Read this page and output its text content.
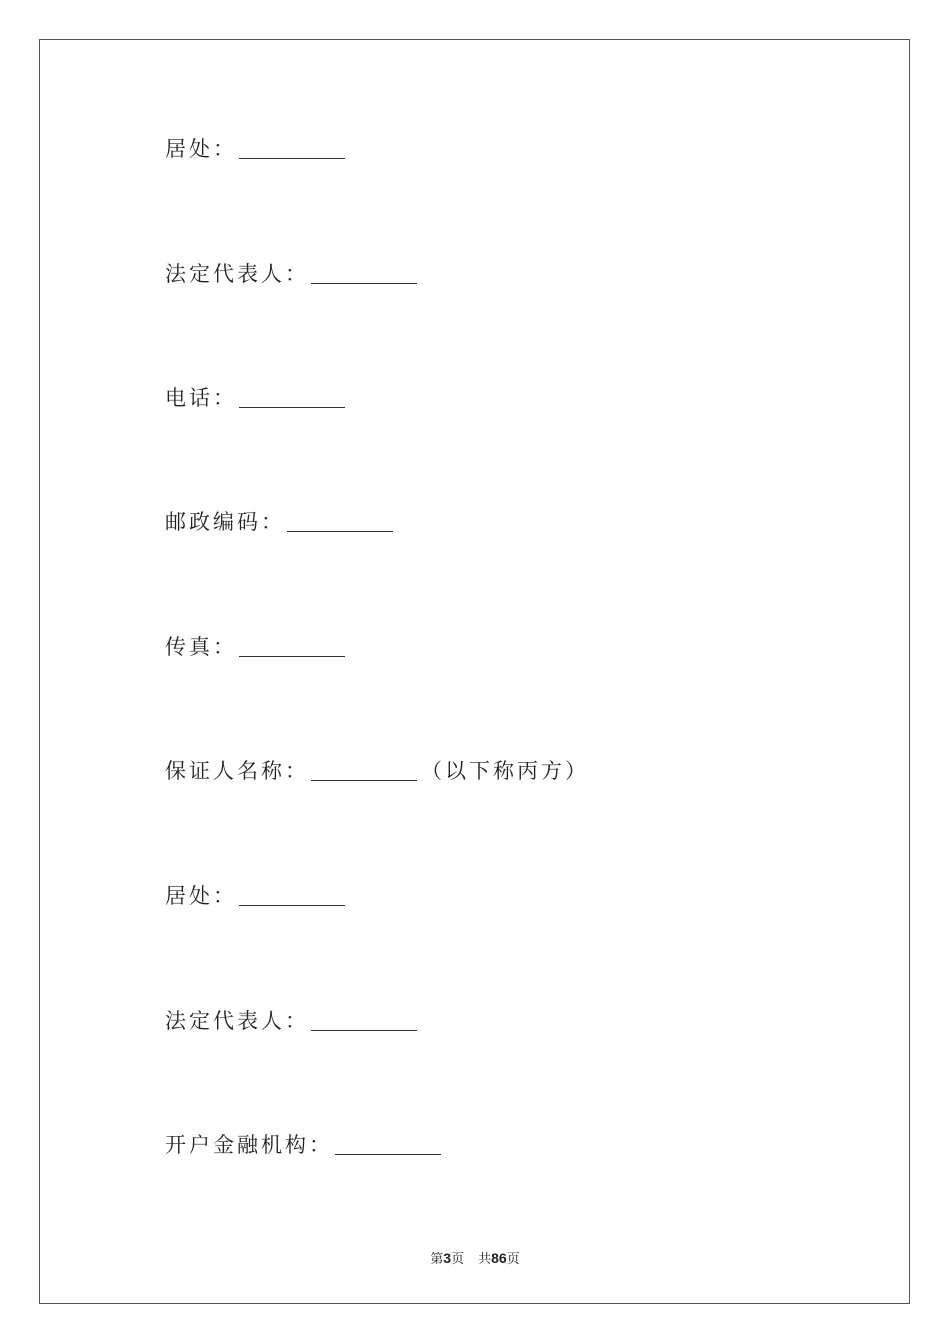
居处：
法定代表人：
电话：
邮政编码：
传真：
保证人名称：	（以下称丙方）
居处：
法定代表人：
开户金融机构：
第3页 共86页
